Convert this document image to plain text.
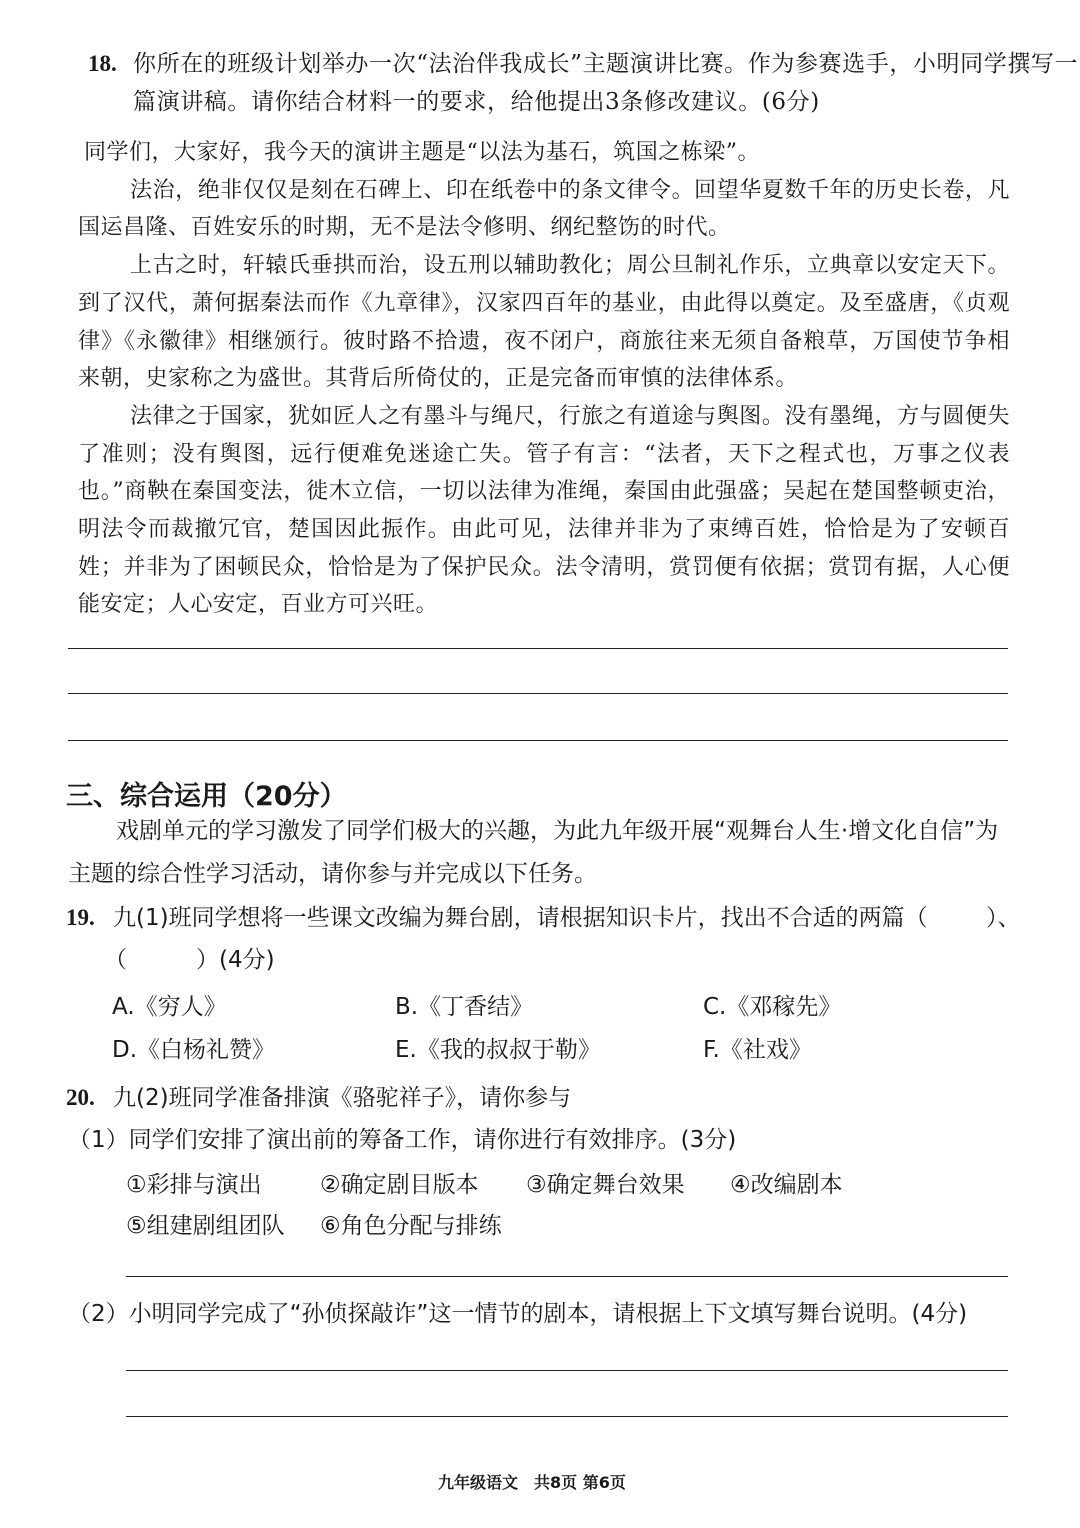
18. 你所在的班级计划举办一次“法治伴我成长”主题演讲比赛。作为参赛选手，小明同学撰写一
篇演讲稿。请你结合材料一的要求，给他提出3条修改建议。(6分)

同学们，大家好，我今天的演讲主题是“以法为基石，筑国之栋梁”。

法治，绝非仅仅是刻在石碑上、印在纸卷中的条文律令。回望华夏数千年的历史长卷，凡国运昌隆、百姓安乐的时期，无不是法令修明、纲纪整饬的时代。

上古之时，轩辕氏垂拱而治，设五刑以辅助教化；周公旦制礼作乐，立典章以安定天下。到了汉代，萧何据秦法而作《九章律》，汉家四百年的基业，由此得以奠定。及至盛唐，《贞观律》《永徽律》相继颁行。彼时路不拾遗，夜不闭户，商旅往来无须自备粮草，万国使节争相来朝，史家称之为盛世。其背后所倚仗的，正是完备而审慎的法律体系。

法律之于国家，犹如匠人之有墨斗与绳尺，行旅之有道途与舆图。没有墨绳，方与圆便失了准则；没有舆图，远行便难免迷途亡失。管子有言：“法者，天下之程式也，万事之仪表也。”商鞅在秦国变法，徙木立信，一切以法律为准绳，秦国由此强盛；吴起在楚国整顿吏治，明法令而裁撤冗官，楚国因此振作。由此可见，法律并非为了束缚百姓，恰恰是为了安顿百姓；并非为了困顿民众，恰恰是为了保护民众。法令清明，赏罚便有依据；赏罚有据，人心便能安定；人心安定，百业方可兴旺。

三、综合运用（20分）

戏剧单元的学习激发了同学们极大的兴趣，为此九年级开展“观舞台人生·增文化自信”为

主题的综合性学习活动，请你参与并完成以下任务。

19. 九(1)班同学想将一些课文改编为舞台剧，请根据知识卡片，找出不合适的两篇（	）、
（　　　）(4分)
A.《穷人》	B.《丁香结》	C.《邓稼先》
D.《白杨礼赞》	E.《我的叔叔于勒》	F.《社戏》
20. 九(2)班同学准备排演《骆驼祥子》，请你参与
（1）同学们安排了演出前的筹备工作，请你进行有效排序。(3分)
①彩排与演出	②确定剧目版本 ③确定舞台效果 ④改编剧本
⑤组建剧组团队 ⑥角色分配与排练
（2）小明同学完成了“孙侦探敲诈”这一情节的剧本，请根据上下文填写舞台说明。(4分)
九年级语文　共8页 第6页
